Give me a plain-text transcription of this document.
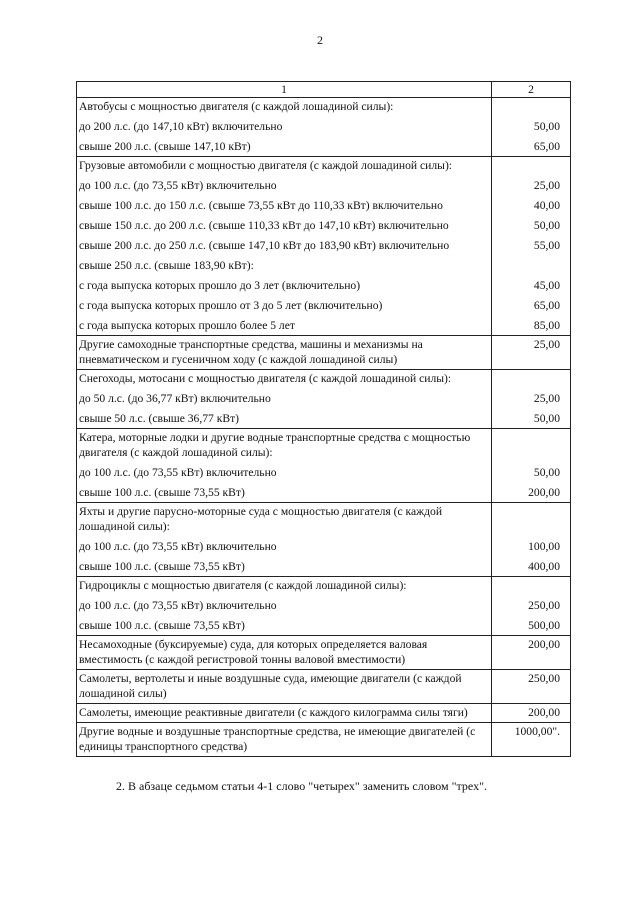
2
1	2
Автобусы с мощностью двигателя (с каждой лошадиной силы):	
до 200 л.с. (до 147,10 кВт) включительно	50,00
свыше 200 л.с. (свыше 147,10 кВт)	65,00
Грузовые автомобили с мощностью двигателя (с каждой лошадиной силы):	
до 100 л.с. (до 73,55 кВт) включительно	25,00
свыше 100 л.с. до 150 л.с. (свыше 73,55 кВт до 110,33 кВт) включительно	40,00
свыше 150 л.с. до 200 л.с. (свыше 110,33 кВт до 147,10 кВт) включительно	50,00
свыше 200 л.с. до 250 л.с. (свыше 147,10 кВт до 183,90 кВт) включительно	55,00
свыше 250 л.с. (свыше 183,90 кВт):	
с года выпуска которых прошло до 3 лет (включительно)	45,00
с года выпуска которых прошло от 3 до 5 лет (включительно)	65,00
с года выпуска которых прошло более 5 лет	85,00
Другие самоходные транспортные средства, машины и механизмы на пневматическом и гусеничном ходу (с каждой лошадиной силы)	25,00
Снегоходы, мотосани с мощностью двигателя (с каждой лошадиной силы):	
до 50 л.с. (до 36,77 кВт) включительно	25,00
свыше 50 л.с. (свыше 36,77 кВт)	50,00
Катера, моторные лодки и другие водные транспортные средства с мощностью двигателя (с каждой лошадиной силы):	
до 100 л.с. (до 73,55 кВт) включительно	50,00
свыше 100 л.с. (свыше 73,55 кВт)	200,00
Яхты и другие парусно-моторные суда с мощностью двигателя (с каждой лошадиной силы):	
до 100 л.с. (до 73,55 кВт) включительно	100,00
свыше 100 л.с. (свыше 73,55 кВт)	400,00
Гидроциклы с мощностью двигателя (с каждой лошадиной силы):	
до 100 л.с. (до 73,55 кВт) включительно	250,00
свыше 100 л.с. (свыше 73,55 кВт)	500,00
Несамоходные (буксируемые) суда, для которых определяется валовая вместимость (с каждой регистровой тонны валовой вместимости)	200,00
Самолеты, вертолеты и иные воздушные суда, имеющие двигатели (с каждой лошадиной силы)	250,00
Самолеты, имеющие реактивные двигатели (с каждого килограмма силы тяги)	200,00
Другие водные и воздушные транспортные средства, не имеющие двигателей (с единицы транспортного средства)	1000,00".
2. В абзаце седьмом статьи 4-1 слово "четырех" заменить словом "трех".
